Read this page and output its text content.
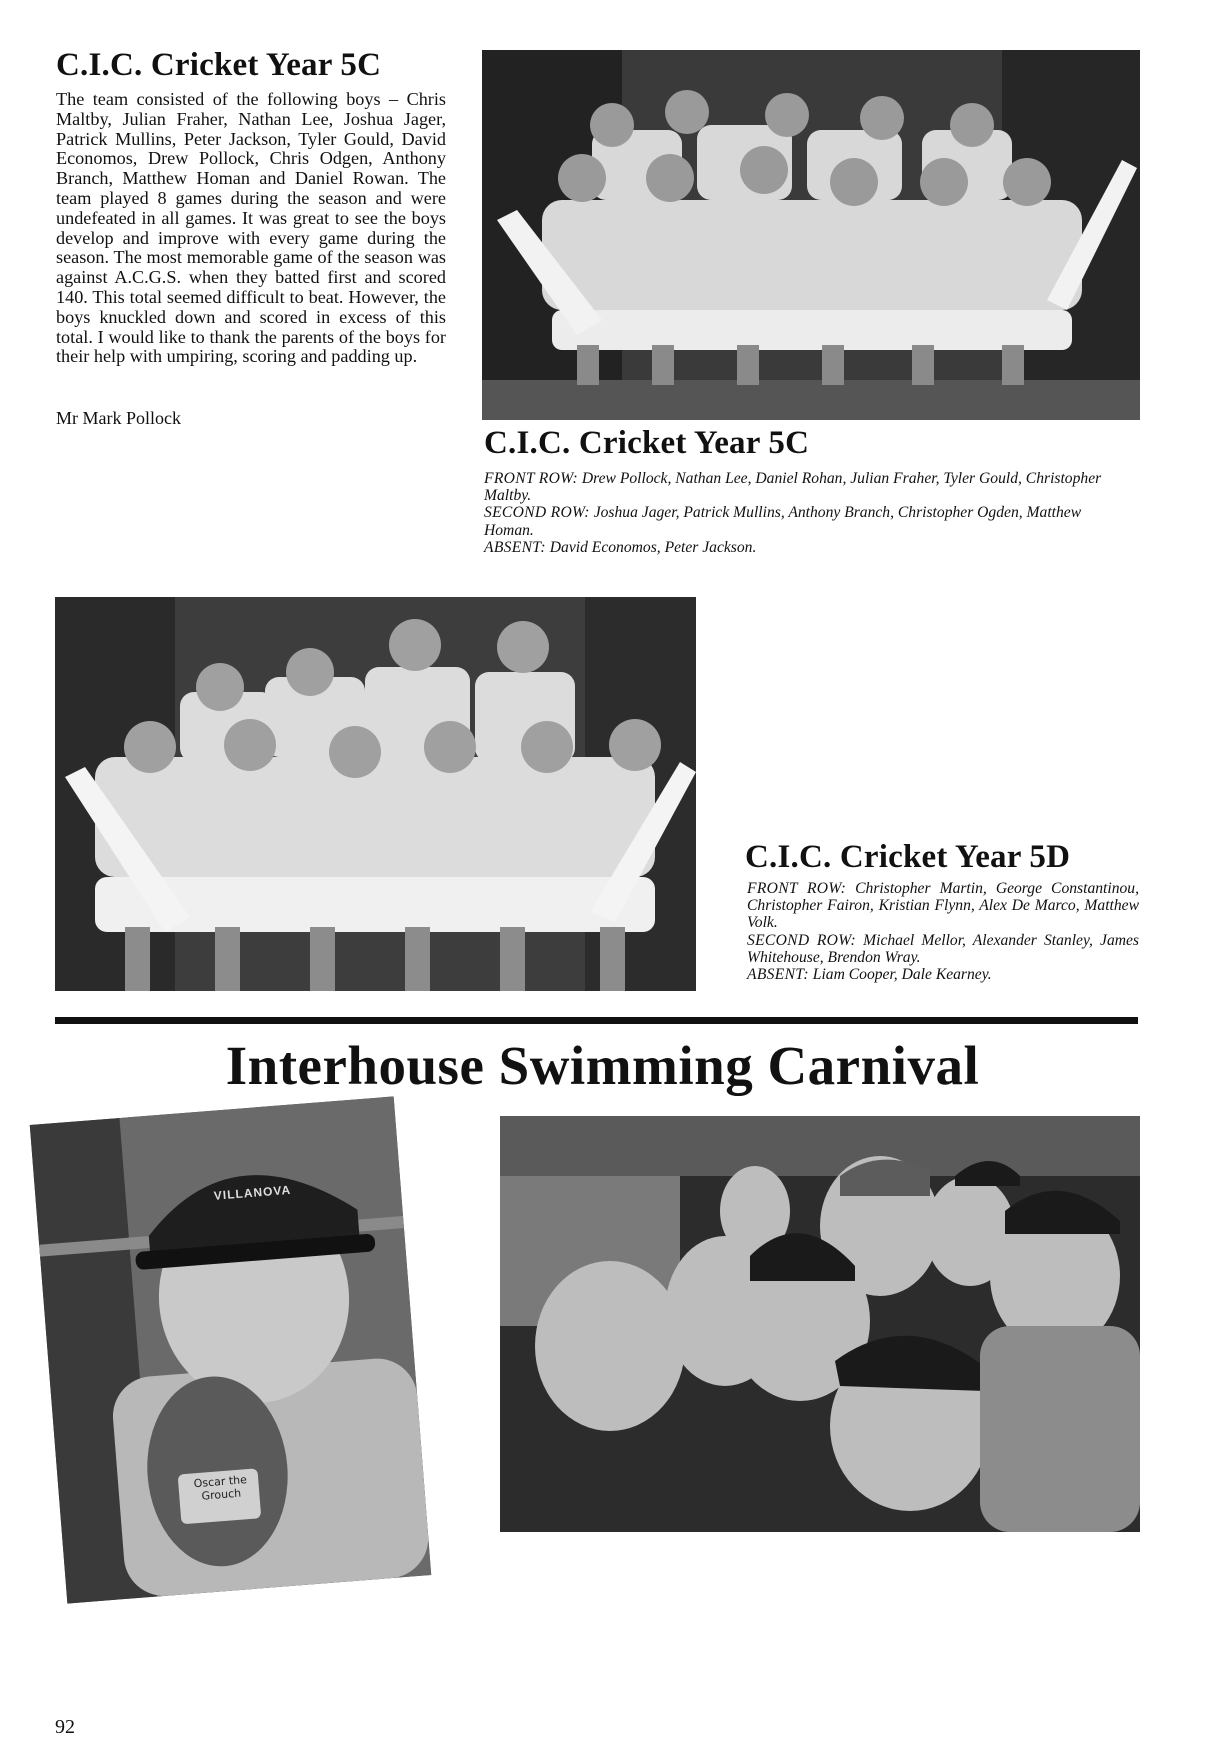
C.I.C. Cricket Year 5C

The team consisted of the following boys – Chris Maltby, Julian Fraher, Nathan Lee, Joshua Jager, Patrick Mullins, Peter Jackson, Tyler Gould, David Economos, Drew Pollock, Chris Odgen, Anthony Branch, Matthew Homan and Daniel Rowan. The team played 8 games during the season and were undefeated in all games. It was great to see the boys develop and improve with every game during the season. The most memorable game of the season was against A.C.G.S. when they batted first and scored 140. This total seemed difficult to beat. However, the boys knuckled down and scored in excess of this total. I would like to thank the parents of the boys for their help with umpiring, scoring and padding up.

Mr Mark Pollock
C.I.C. Cricket Year 5C

FRONT ROW: Drew Pollock, Nathan Lee, Daniel Rohan, Julian Fraher, Tyler Gould, Christopher Maltby.

SECOND ROW: Joshua Jager, Patrick Mullins, Anthony Branch, Christopher Ogden, Matthew Homan.

ABSENT: David Economos, Peter Jackson.

C.I.C. Cricket Year 5D

FRONT ROW: Christopher Martin, George Constantinou, Christopher Fairon, Kristian Flynn, Alex De Marco, Matthew Volk.

SECOND ROW: Michael Mellor, Alexander Stanley, James Whitehouse, Brendon Wray.

ABSENT: Liam Cooper, Dale Kearney.

Interhouse Swimming Carnival
VILLANOVA
Oscar the Grouch
92
